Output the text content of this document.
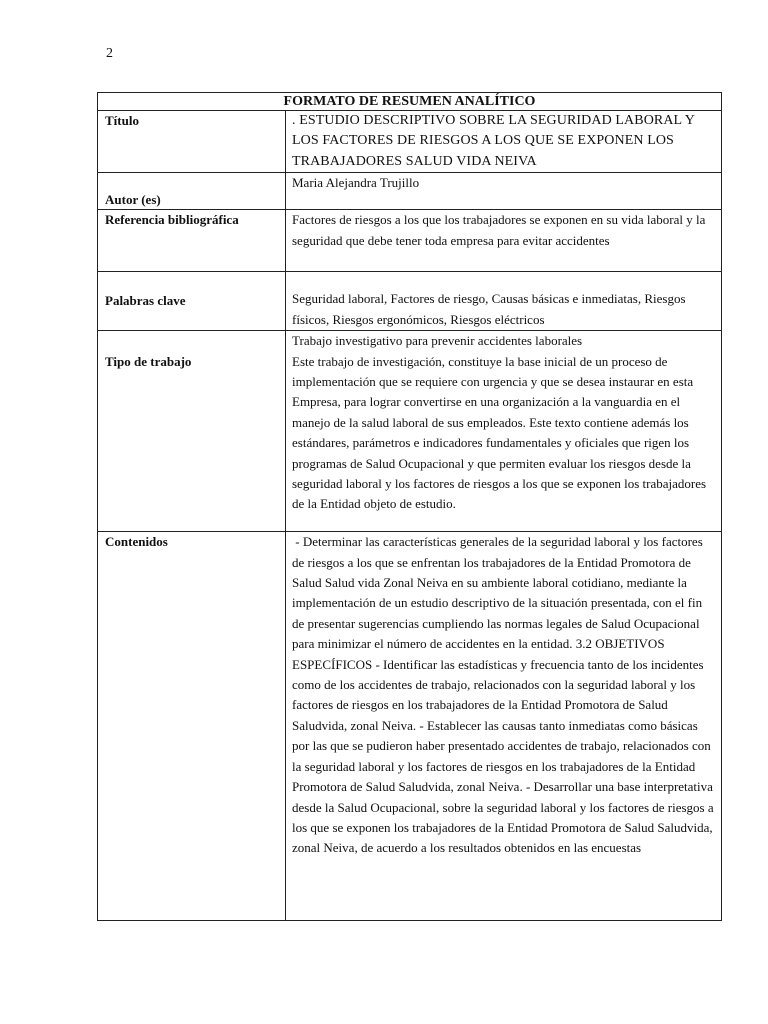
2
FORMATO DE RESUMEN ANALÍTICO	
Título	. ESTUDIO DESCRIPTIVO SOBRE LA SEGURIDAD LABORAL Y LOS FACTORES DE RIESGOS A LOS QUE SE EXPONEN LOS TRABAJADORES SALUD VIDA NEIVA
Autor (es)	Maria Alejandra Trujillo
Referencia bibliográfica	Factores de riesgos a los que los trabajadores se exponen en su vida laboral y la seguridad que debe tener toda empresa para evitar accidentes
Palabras clave	Seguridad laboral, Factores de riesgo, Causas básicas e inmediatas, Riesgos físicos, Riesgos ergonómicos, Riesgos eléctricos
Tipo de trabajo	Trabajo investigativo para prevenir accidentes laborales

Este trabajo de investigación, constituye la base inicial de un proceso de implementación que se requiere con urgencia y que se desea instaurar en esta Empresa, para lograr convertirse en una organización a la vanguardia en el manejo de la salud laboral de sus empleados. Este texto contiene además los estándares, parámetros e indicadores fundamentales y oficiales que rigen los programas de Salud Ocupacional y que permiten evaluar los riesgos desde la seguridad laboral y los factores de riesgos a los que se exponen los trabajadores de la Entidad objeto de estudio.

Contenidos	- Determinar las características generales de la seguridad laboral y los factores de riesgos a los que se enfrentan los trabajadores de la Entidad Promotora de Salud Salud vida Zonal Neiva en su ambiente laboral cotidiano, mediante la implementación de un estudio descriptivo de la situación presentada, con el fin de presentar sugerencias cumpliendo las normas legales de Salud Ocupacional para minimizar el número de accidentes en la entidad. 3.2 OBJETIVOS ESPECÍFICOS - Identificar las estadísticas y frecuencia tanto de los incidentes como de los accidentes de trabajo, relacionados con la seguridad laboral y los factores de riesgos en los trabajadores de la Entidad Promotora de Salud Saludvida, zonal Neiva. - Establecer las causas tanto inmediatas como básicas por las que se pudieron haber presentado accidentes de trabajo, relacionados con la seguridad laboral y los factores de riesgos en los trabajadores de la Entidad Promotora de Salud Saludvida, zonal Neiva. - Desarrollar una base interpretativa desde la Salud Ocupacional, sobre la seguridad laboral y los factores de riesgos a los que se exponen los trabajadores de la Entidad Promotora de Salud Saludvida, zonal Neiva, de acuerdo a los resultados obtenidos en las encuestas
